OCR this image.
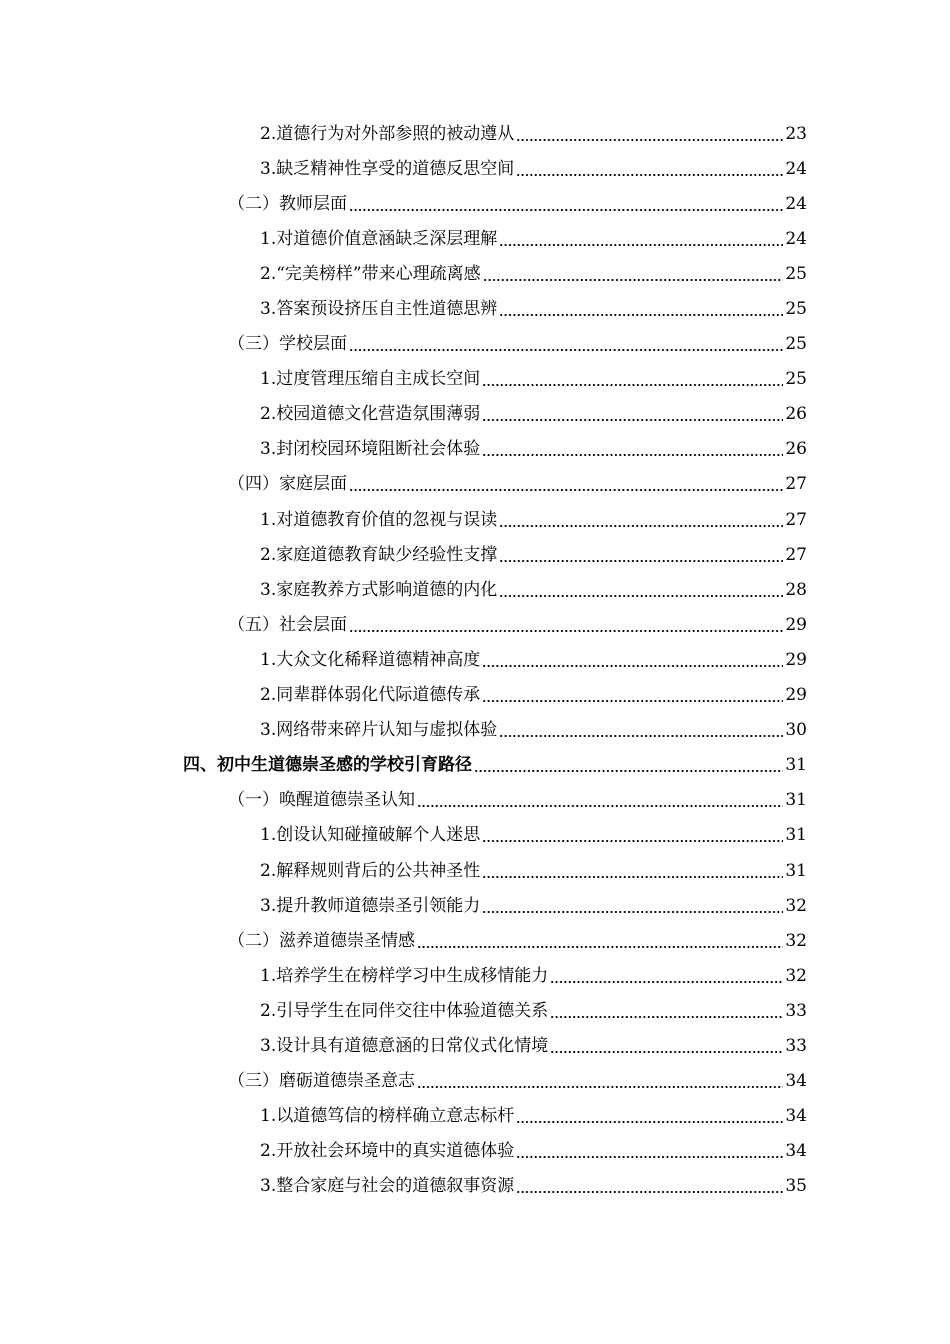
2.道德行为对外部参照的被动遵从	23
3.缺乏精神性享受的道德反思空间	24
（二）教师层面	24
1.对道德价值意涵缺乏深层理解	24
2.“完美榜样”带来心理疏离感	25
3.答案预设挤压自主性道德思辨	25
（三）学校层面	25
1.过度管理压缩自主成长空间	25
2.校园道德文化营造氛围薄弱	26
3.封闭校园环境阻断社会体验	26
（四）家庭层面	27
1.对道德教育价值的忽视与误读	27
2.家庭道德教育缺少经验性支撑	27
3.家庭教养方式影响道德的内化	28
（五）社会层面	29
1.大众文化稀释道德精神高度	29
2.同辈群体弱化代际道德传承	29
3.网络带来碎片认知与虚拟体验	30
四、初中生道德崇圣感的学校引育路径	31
（一）唤醒道德崇圣认知	31
1.创设认知碰撞破解个人迷思	31
2.解释规则背后的公共神圣性	31
3.提升教师道德崇圣引领能力	32
（二）滋养道德崇圣情感	32
1.培养学生在榜样学习中生成移情能力	32
2.引导学生在同伴交往中体验道德关系	33
3.设计具有道德意涵的日常仪式化情境	33
（三）磨砺道德崇圣意志	34
1.以道德笃信的榜样确立意志标杆	34
2.开放社会环境中的真实道德体验	34
3.整合家庭与社会的道德叙事资源	35
